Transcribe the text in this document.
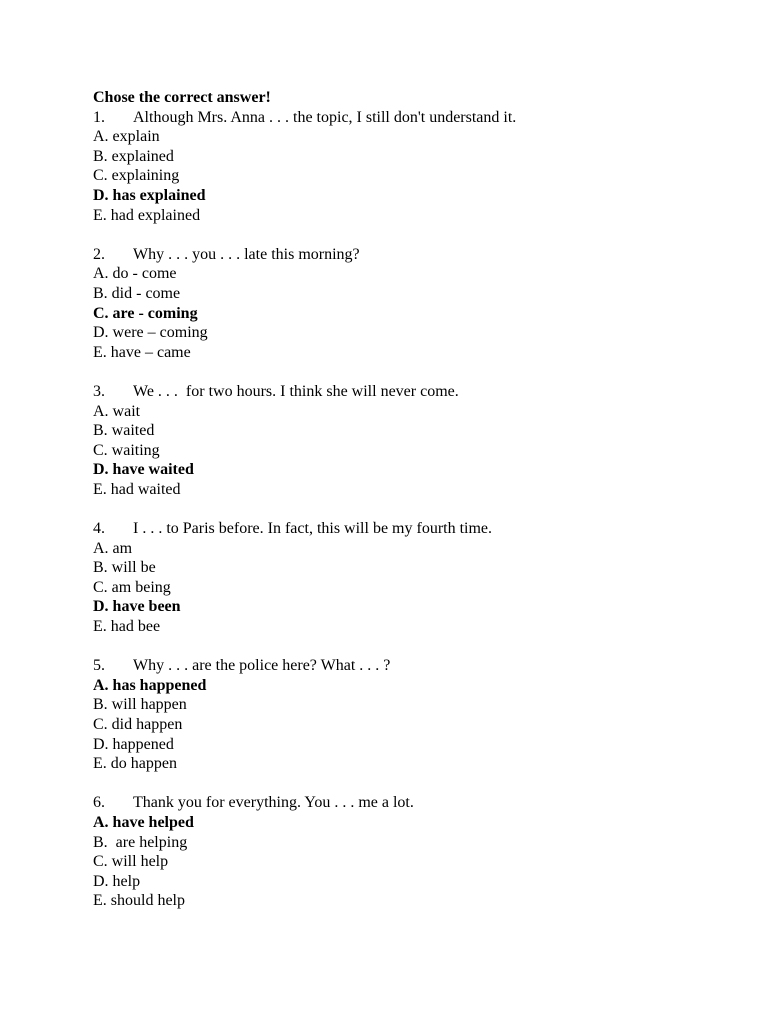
Chose the correct answer!
1. Although Mrs. Anna . . . the topic, I still don't understand it.
A. explain
B. explained
C. explaining
D. has explained
E. had explained
2. Why . . . you . . . late this morning?
A. do - come
B. did - come
C. are - coming
D. were – coming
E. have – came
3. We . . .  for two hours. I think she will never come.
A. wait
B. waited
C. waiting
D. have waited
E. had waited
4. I . . . to Paris before. In fact, this will be my fourth time.
A. am
B. will be
C. am being
D. have been
E. had bee
5. Why . . . are the police here? What . . . ?
A. has happened
B. will happen
C. did happen
D. happened
E. do happen
6. Thank you for everything. You . . . me a lot.
A. have helped
B.  are helping
C. will help
D. help
E. should help
